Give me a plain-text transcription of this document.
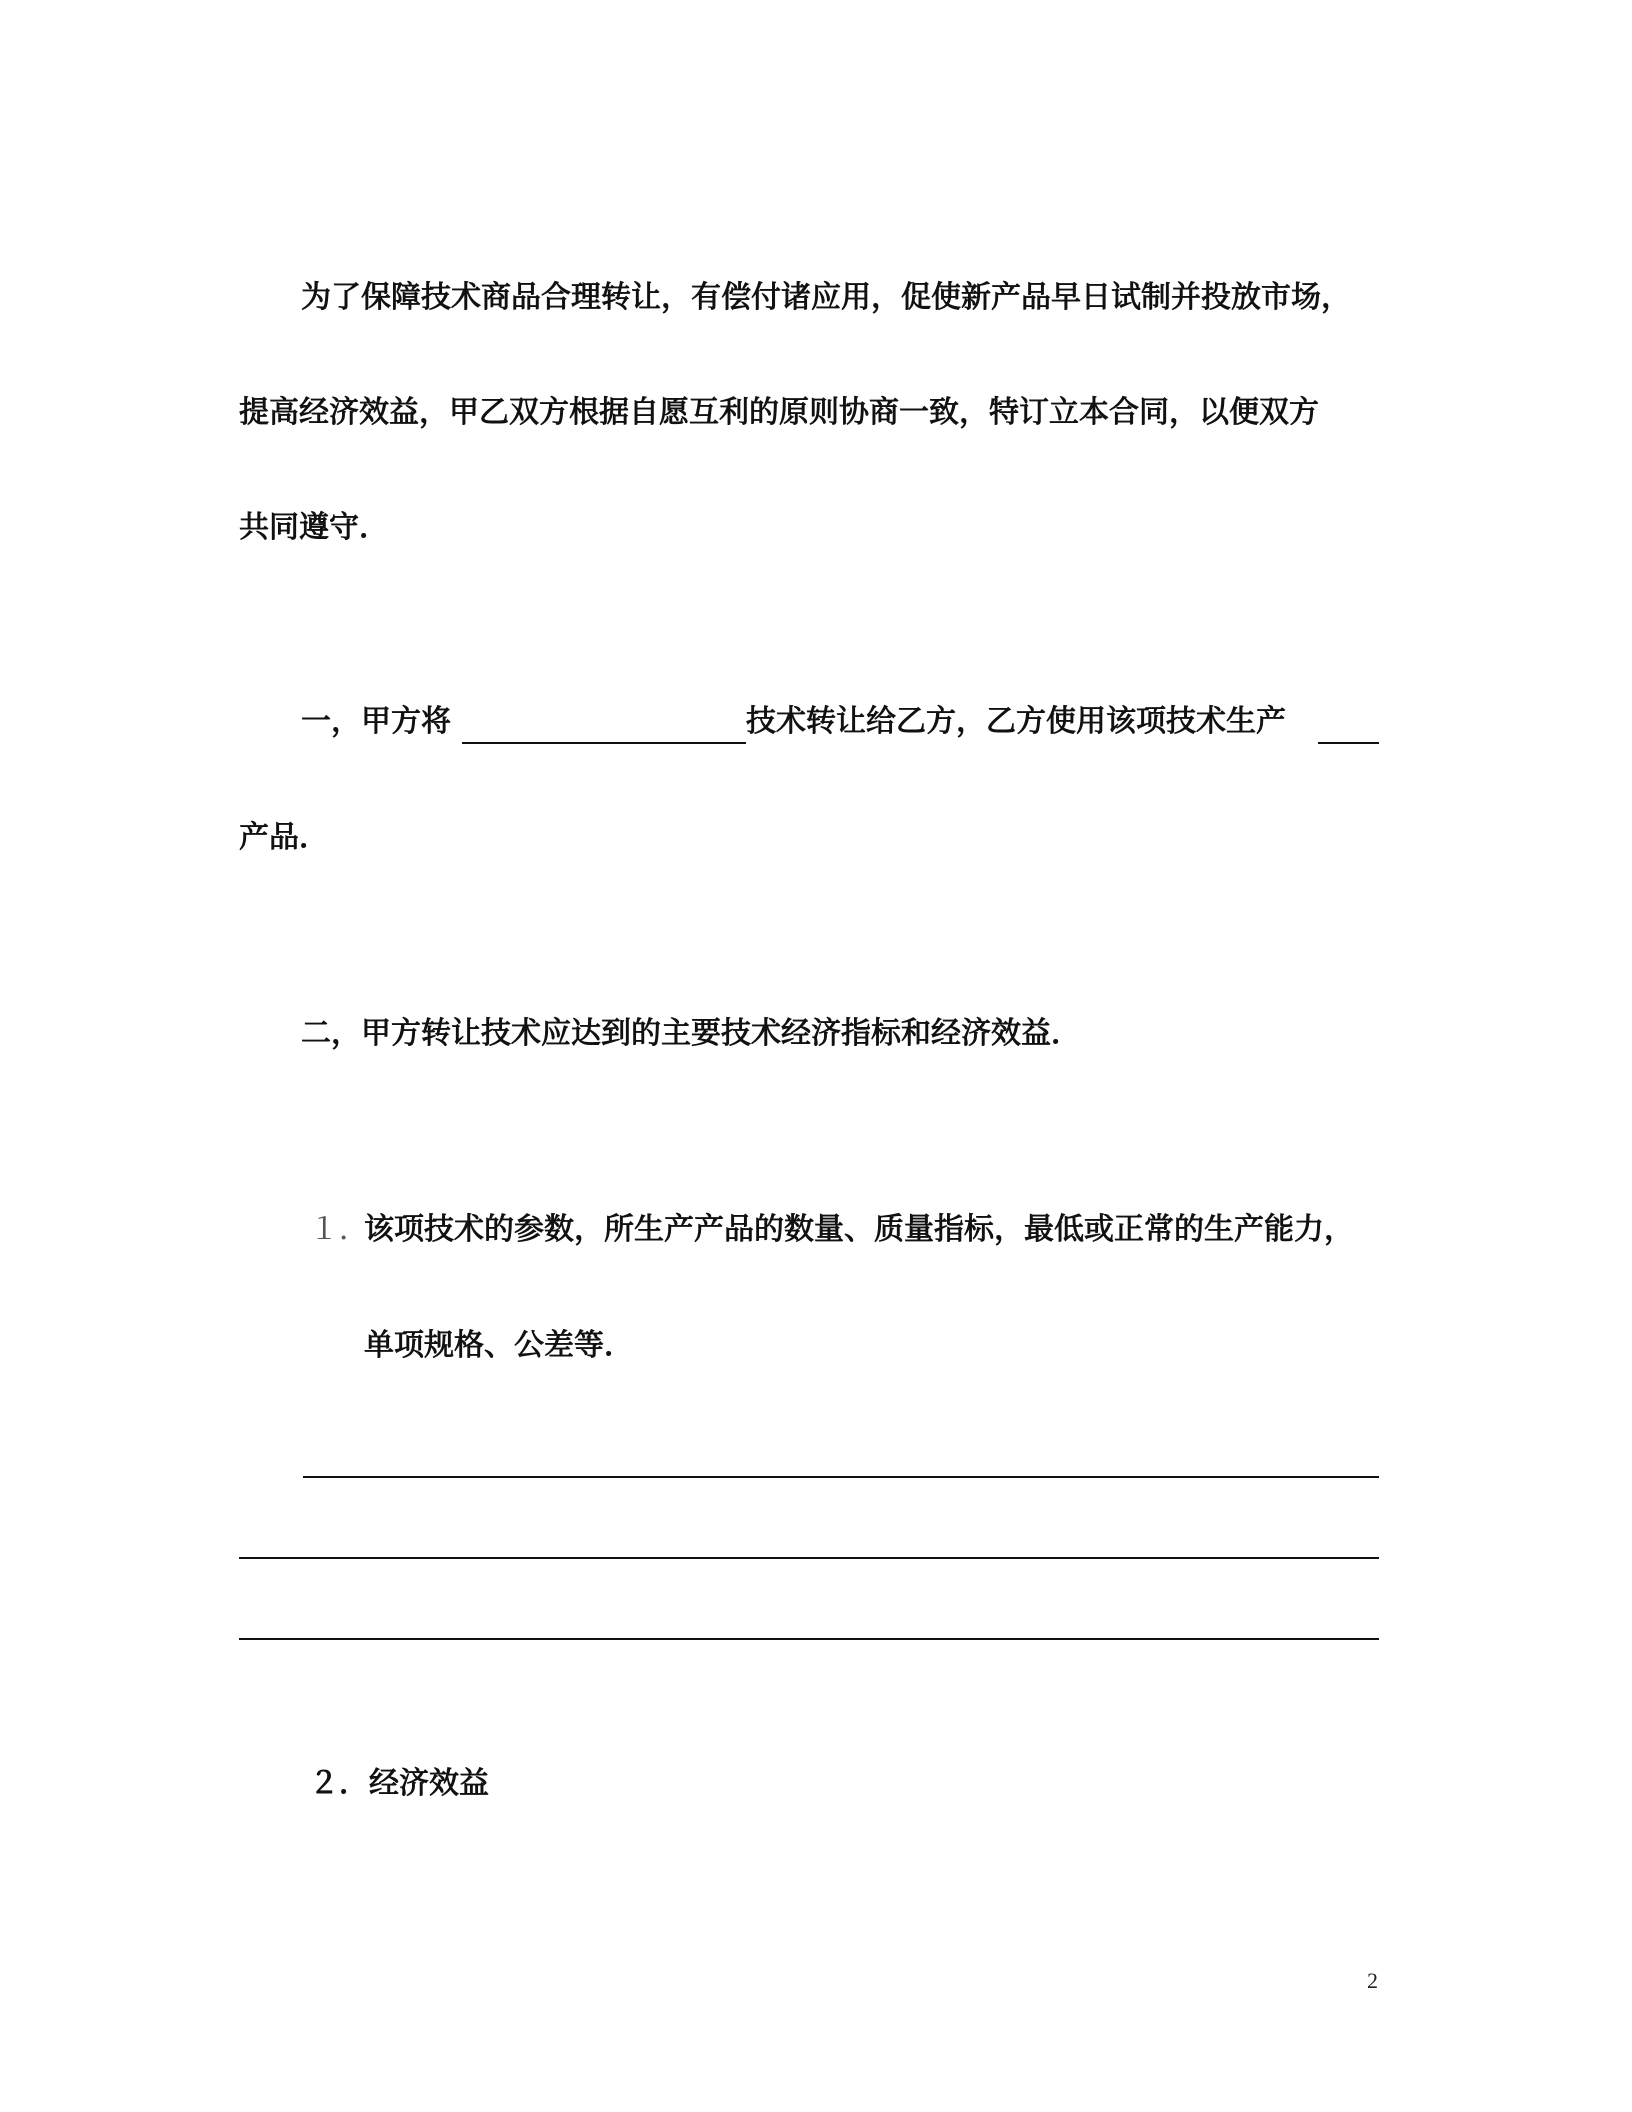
为了保障技术商品合理转让，有偿付诸应用，促使新产品早日试制并投放市场，

提高经济效益，甲乙双方根据自愿互利的原则协商一致，特订立本合同，以便双方

共同遵守．

一，甲方将	技术转让给乙方，乙方使用该项技术生产

产品．

二，甲方转让技术应达到的主要技术经济指标和经济效益．

１．
该项技术的参数，所生产产品的数量、质量指标，最低或正常的生产能力，

单项规格、公差等．

２．经济效益

2
